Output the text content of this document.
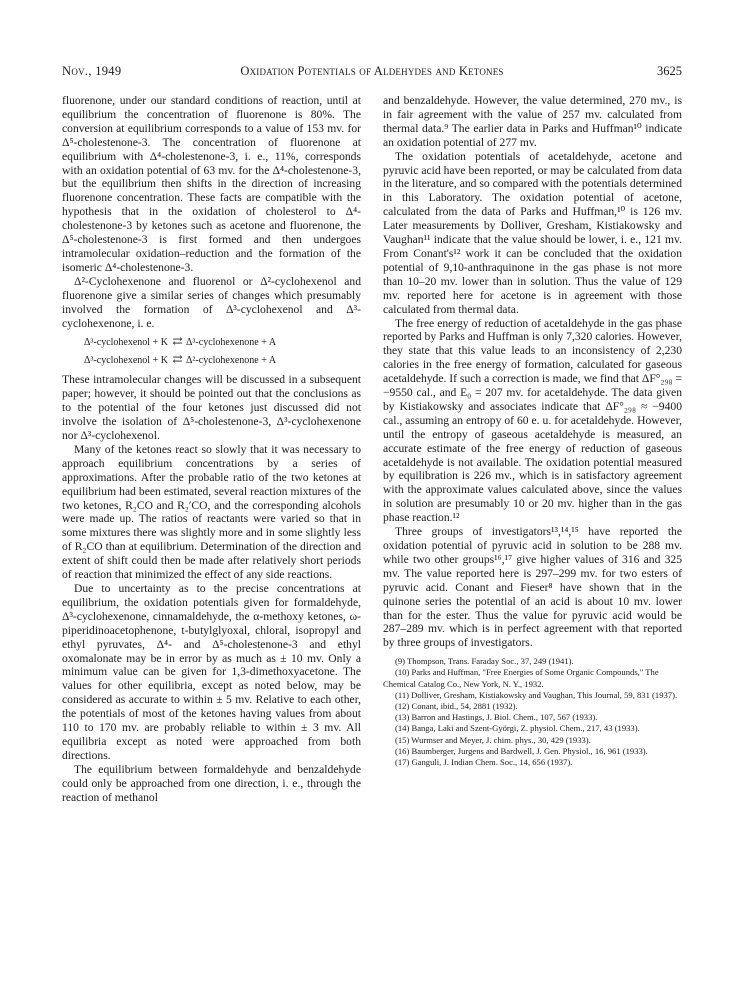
Nov., 1949	Oxidation Potentials of Aldehydes and Ketones	3625

fluorenone, under our standard conditions of reaction, until at equilibrium the concentration of fluorenone is 80%. The conversion at equilibrium corresponds to a value of 153 mv. for Δ⁵-cholestenone-3. The concentration of fluorenone at equilibrium with Δ⁴-cholestenone-3, i. e., 11%, corresponds with an oxidation potential of 63 mv. for the Δ⁴-cholestenone-3, but the equilibrium then shifts in the direction of increasing fluorenone concentration. These facts are compatible with the hypothesis that in the oxidation of cholesterol to Δ⁴-cholestenone-3 by ketones such as acetone and fluorenone, the Δ⁵-cholestenone-3 is first formed and then undergoes intramolecular oxidation–reduction and the formation of the isomeric Δ⁴-cholestenone-3.

Δ²-Cyclohexenone and fluorenol or Δ²-cyclohexenol and fluorenone give a similar series of changes which presumably involved the formation of Δ³-cyclohexenol and Δ³-cyclohexenone, i. e.

Δ³-cyclohexenol + K  ⇄  Δ³-cyclohexenone + A
Δ³-cyclohexenol + K  ⇄  Δ²-cyclohexenone + A

These intramolecular changes will be discussed in a subsequent paper; however, it should be pointed out that the conclusions as to the potential of the four ketones just discussed did not involve the isolation of Δ⁵-cholestenone-3, Δ³-cyclohexenone nor Δ³-cyclohexenol.

Many of the ketones react so slowly that it was necessary to approach equilibrium concentrations by a series of approximations. After the probable ratio of the two ketones at equilibrium had been estimated, several reaction mixtures of the two ketones, R₂CO and R₂′CO, and the corresponding alcohols were made up. The ratios of reactants were varied so that in some mixtures there was slightly more and in some slightly less of R₂CO than at equilibrium. Determination of the direction and extent of shift could then be made after relatively short periods of reaction that minimized the effect of any side reactions.

Due to uncertainty as to the precise concentrations at equilibrium, the oxidation potentials given for formaldehyde, Δ³-cyclohexenone, cinnamaldehyde, the α-methoxy ketones, ω-piperidinoacetophenone, t-butylglyoxal, chloral, isopropyl and ethyl pyruvates, Δ⁴- and Δ⁵-cholestenone-3 and ethyl oxomalonate may be in error by as much as ± 10 mv. Only a minimum value can be given for 1,3-dimethoxyacetone. The values for other equilibria, except as noted below, may be considered as accurate to within ± 5 mv. Relative to each other, the potentials of most of the ketones having values from about 110 to 170 mv. are probably reliable to within ± 3 mv. All equilibria except as noted were approached from both directions.

The equilibrium between formaldehyde and benzaldehyde could only be approached from one direction, i. e., through the reaction of methanol

and benzaldehyde. However, the value determined, 270 mv., is in fair agreement with the value of 257 mv. calculated from thermal data.⁹ The earlier data in Parks and Huffman¹⁰ indicate an oxidation potential of 277 mv.

The oxidation potentials of acetaldehyde, acetone and pyruvic acid have been reported, or may be calculated from data in the literature, and so compared with the potentials determined in this Laboratory. The oxidation potential of acetone, calculated from the data of Parks and Huffman,¹⁰ is 126 mv. Later measurements by Dolliver, Gresham, Kistiakowsky and Vaughan¹¹ indicate that the value should be lower, i. e., 121 mv. From Conant's¹² work it can be concluded that the oxidation potential of 9,10-anthraquinone in the gas phase is not more than 10–20 mv. lower than in solution. Thus the value of 129 mv. reported here for acetone is in agreement with those calculated from thermal data.

The free energy of reduction of acetaldehyde in the gas phase reported by Parks and Huffman is only 7,320 calories. However, they state that this value leads to an inconsistency of 2,230 calories in the free energy of formation, calculated for gaseous acetaldehyde. If such a correction is made, we find that ΔF°₂₉₈ = −9550 cal., and E₀ = 207 mv. for acetaldehyde. The data given by Kistiakowsky and associates indicate that ΔF°₂₉₈ ≈ −9400 cal., assuming an entropy of 60 e. u. for acetaldehyde. However, until the entropy of gaseous acetaldehyde is measured, an accurate estimate of the free energy of reduction of gaseous acetaldehyde is not available. The oxidation potential measured by equilibration is 226 mv., which is in satisfactory agreement with the approximate values calculated above, since the values in solution are presumably 10 or 20 mv. higher than in the gas phase reaction.¹²

Three groups of investigators¹³,¹⁴,¹⁵ have reported the oxidation potential of pyruvic acid in solution to be 288 mv. while two other groups¹⁶,¹⁷ give higher values of 316 and 325 mv. The value reported here is 297–299 mv. for two esters of pyruvic acid. Conant and Fieser⁸ have shown that in the quinone series the potential of an acid is about 10 mv. lower than for the ester. Thus the value for pyruvic acid would be 287–289 mv. which is in perfect agreement with that reported by three groups of investigators.

(9) Thompson, Trans. Faraday Soc., 37, 249 (1941).
(10) Parks and Huffman, "Free Energies of Some Organic Compounds," The Chemical Catalog Co., New York, N. Y., 1932.
(11) Dolliver, Gresham, Kistiakowsky and Vaughan, This Journal, 59, 831 (1937).
(12) Conant, ibid., 54, 2881 (1932).
(13) Barron and Hastings, J. Biol. Chem., 107, 567 (1933).
(14) Banga, Laki and Szent-Györgi, Z. physiol. Chem., 217, 43 (1933).
(15) Wurmser and Meyer, J. chim. phys., 30, 429 (1933).
(16) Baumberger, Jurgens and Bardwell, J. Gen. Physiol., 16, 961 (1933).
(17) Ganguli, J. Indian Chem. Soc., 14, 656 (1937).
